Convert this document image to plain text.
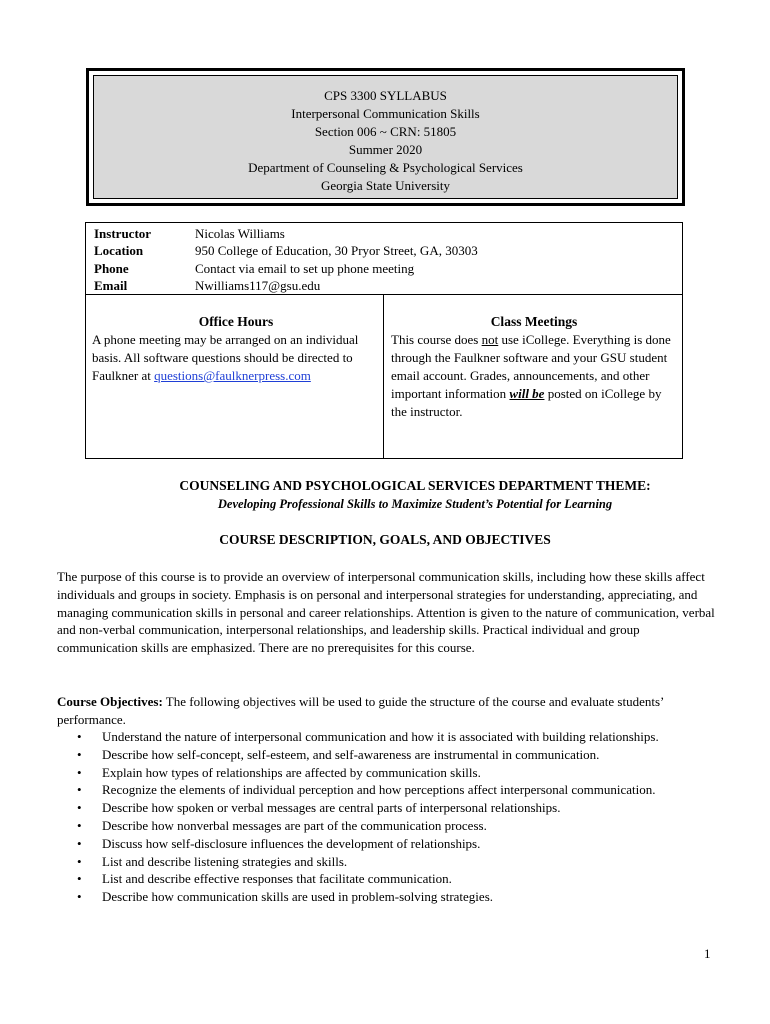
CPS 3300 SYLLABUS
Interpersonal Communication Skills
Section 006 ~ CRN: 51805
Summer 2020
Department of Counseling & Psychological Services
Georgia State University
Instructor	Nicolas Williams
Location	950 College of Education, 30 Pryor Street, GA, 30303
Phone	Contact via email to set up phone meeting
Email	Nwilliams117@gsu.edu
Office Hours

A phone meeting may be arranged on an individual basis. All software questions should be directed to Faulkner at questions@faulknerpress.com

Class Meetings

This course does not use iCollege. Everything is done through the Faulkner software and your GSU student email account. Grades, announcements, and other important information will be posted on iCollege by the instructor.

COUNSELING AND PSYCHOLOGICAL SERVICES DEPARTMENT THEME:
Developing Professional Skills to Maximize Student’s Potential for Learning
COURSE DESCRIPTION, GOALS, AND OBJECTIVES

The purpose of this course is to provide an overview of interpersonal communication skills, including how these skills affect individuals and groups in society. Emphasis is on personal and interpersonal strategies for understanding, appreciating, and managing communication skills in personal and career relationships. Attention is given to the nature of communication, verbal and non-verbal communication, interpersonal relationships, and leadership skills. Practical individual and group communication skills are emphasized. There are no prerequisites for this course.

Course Objectives: The following objectives will be used to guide the structure of the course and evaluate students’ performance.

• Understand the nature of interpersonal communication and how it is associated with building relationships.
• Describe how self-concept, self-esteem, and self-awareness are instrumental in communication.
• Explain how types of relationships are affected by communication skills.
• Recognize the elements of individual perception and how perceptions affect interpersonal communication.
• Describe how spoken or verbal messages are central parts of interpersonal relationships.
• Describe how nonverbal messages are part of the communication process.
• Discuss how self-disclosure influences the development of relationships.
• List and describe listening strategies and skills.
• List and describe effective responses that facilitate communication.
• Describe how communication skills are used in problem-solving strategies.
1
